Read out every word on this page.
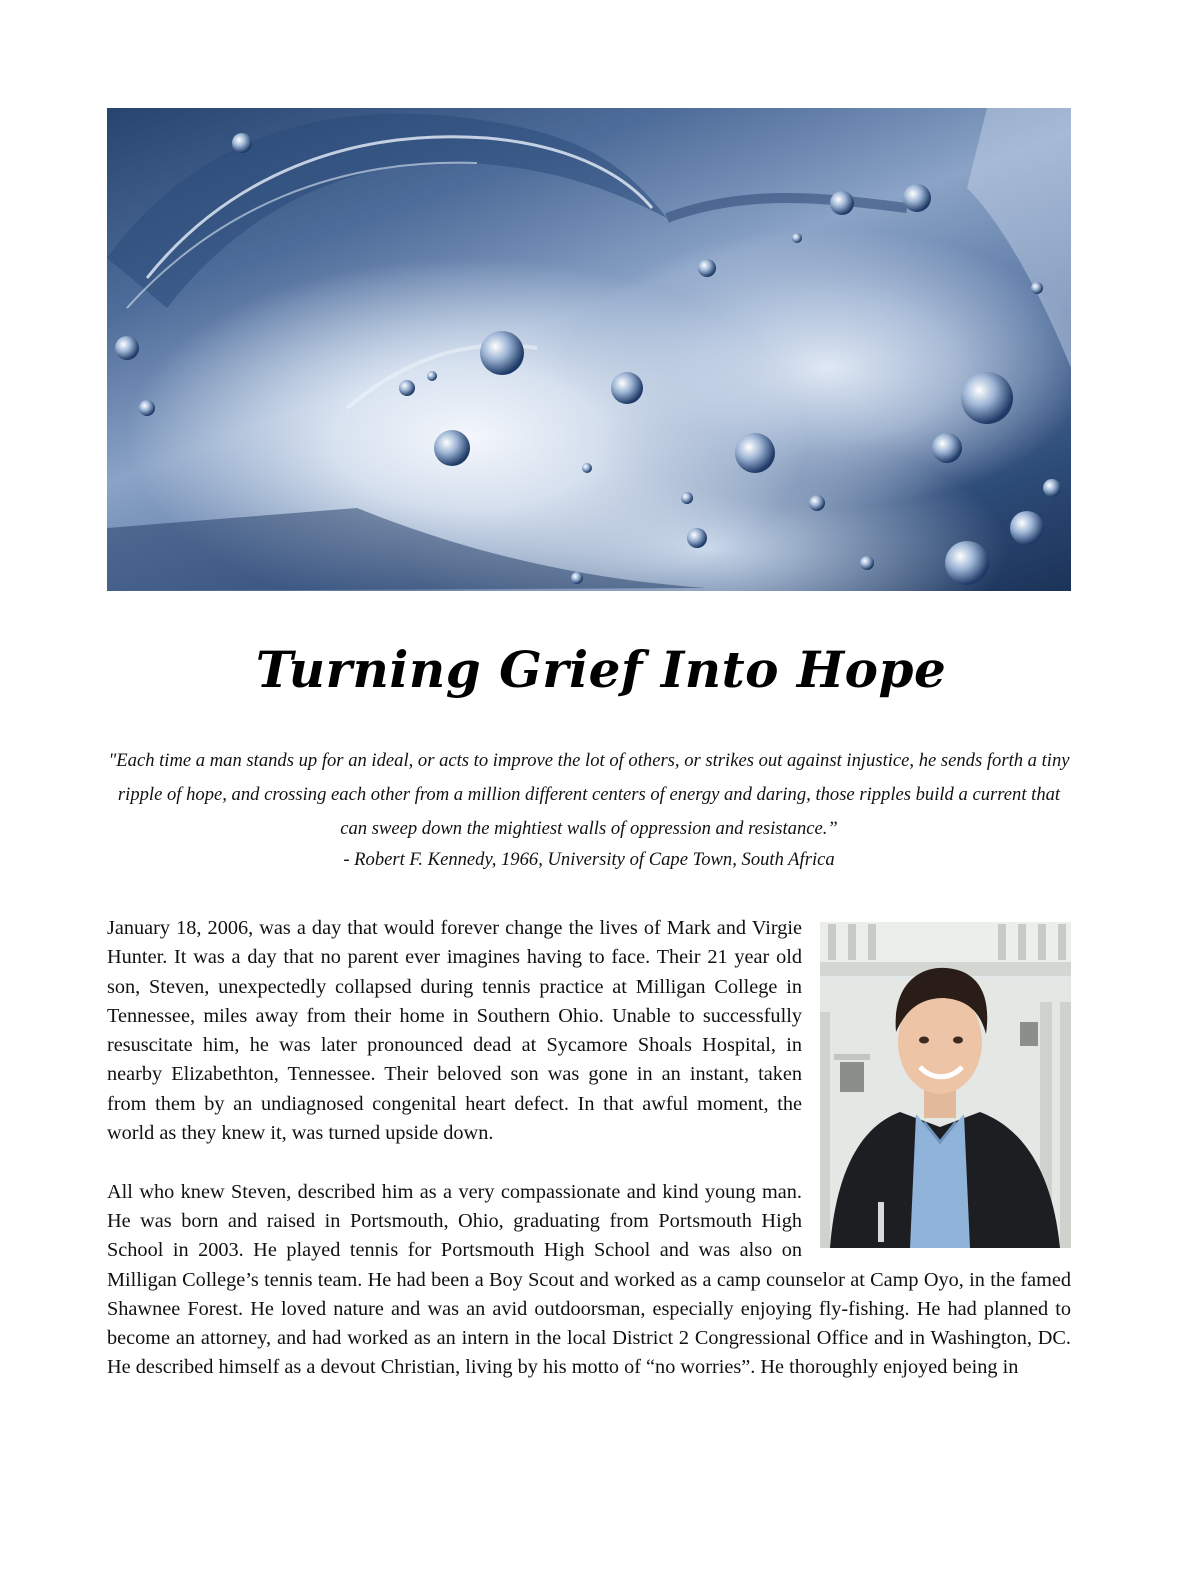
Turning Grief Into Hope

"Each time a man stands up for an ideal, or acts to improve the lot of others, or strikes out against injustice, he sends forth a tiny ripple of hope, and crossing each other from a million different centers of energy and daring, those ripples build a current that can sweep down the mightiest walls of oppression and resistance.”

- Robert F. Kennedy, 1966, University of Cape Town, South Africa

January 18, 2006, was a day that would forever change the lives of Mark and Virgie Hunter. It was a day that no parent ever imagines having to face. Their 21 year old son, Steven, unexpectedly collapsed during tennis practice at Milligan College in Tennessee, miles away from their home in Southern Ohio. Unable to successfully resuscitate him, he was later pronounced dead at Sycamore Shoals Hospital, in nearby Elizabethton, Tennessee. Their beloved son was gone in an instant, taken from them by an undiagnosed congenital heart defect. In that awful moment, the world as they knew it, was turned upside down.

All who knew Steven, described him as a very compassionate and kind young man. He was born and raised in Portsmouth, Ohio, graduating from Portsmouth High School in 2003. He played tennis for Portsmouth High School and was also on Milligan College’s tennis team. He had been a Boy Scout and worked as a camp counselor at Camp Oyo, in the famed Shawnee Forest. He loved nature and was an avid outdoorsman, especially enjoying fly-fishing. He had planned to become an attorney, and had worked as an intern in the local District 2 Congressional Office and in Washington, DC. He described himself as a devout Christian, living by his motto of “no worries”. He thoroughly enjoyed being in
